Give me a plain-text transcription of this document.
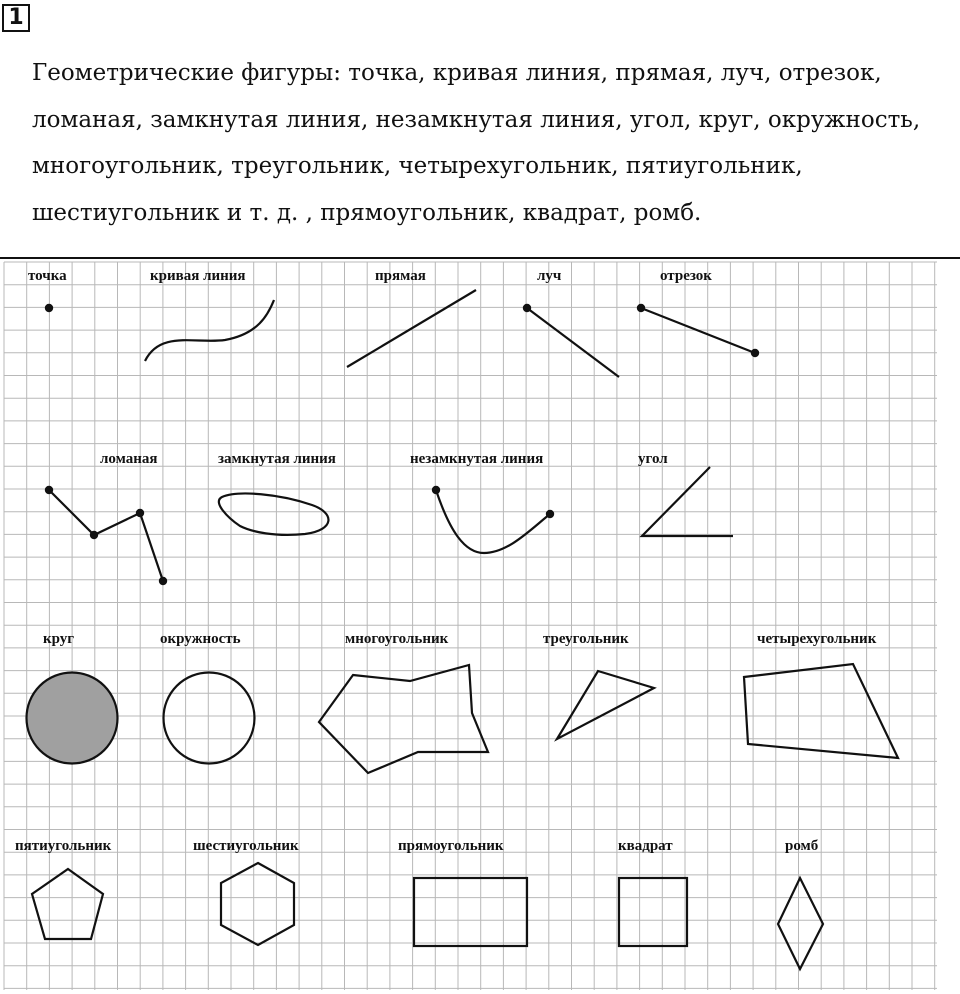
1

Геометрические фигуры: точка, кривая линия, прямая, луч, отрезок,

ломаная, замкнутая линия, незамкнутая линия, угол, круг, окружность,

многоугольник, треугольник, четырехугольник, пятиугольник,

шестиугольник и т. д. , прямоугольник, квадрат, ромб.

точка	кривая линия	прямая	луч	отрезок
ломаная	замкнутая линия	незамкнутая линия	угол
круг	окружность	многоугольник	треугольник	четырехугольник
пятиугольник	шестиугольник	прямоугольник	квадрат	ромб
